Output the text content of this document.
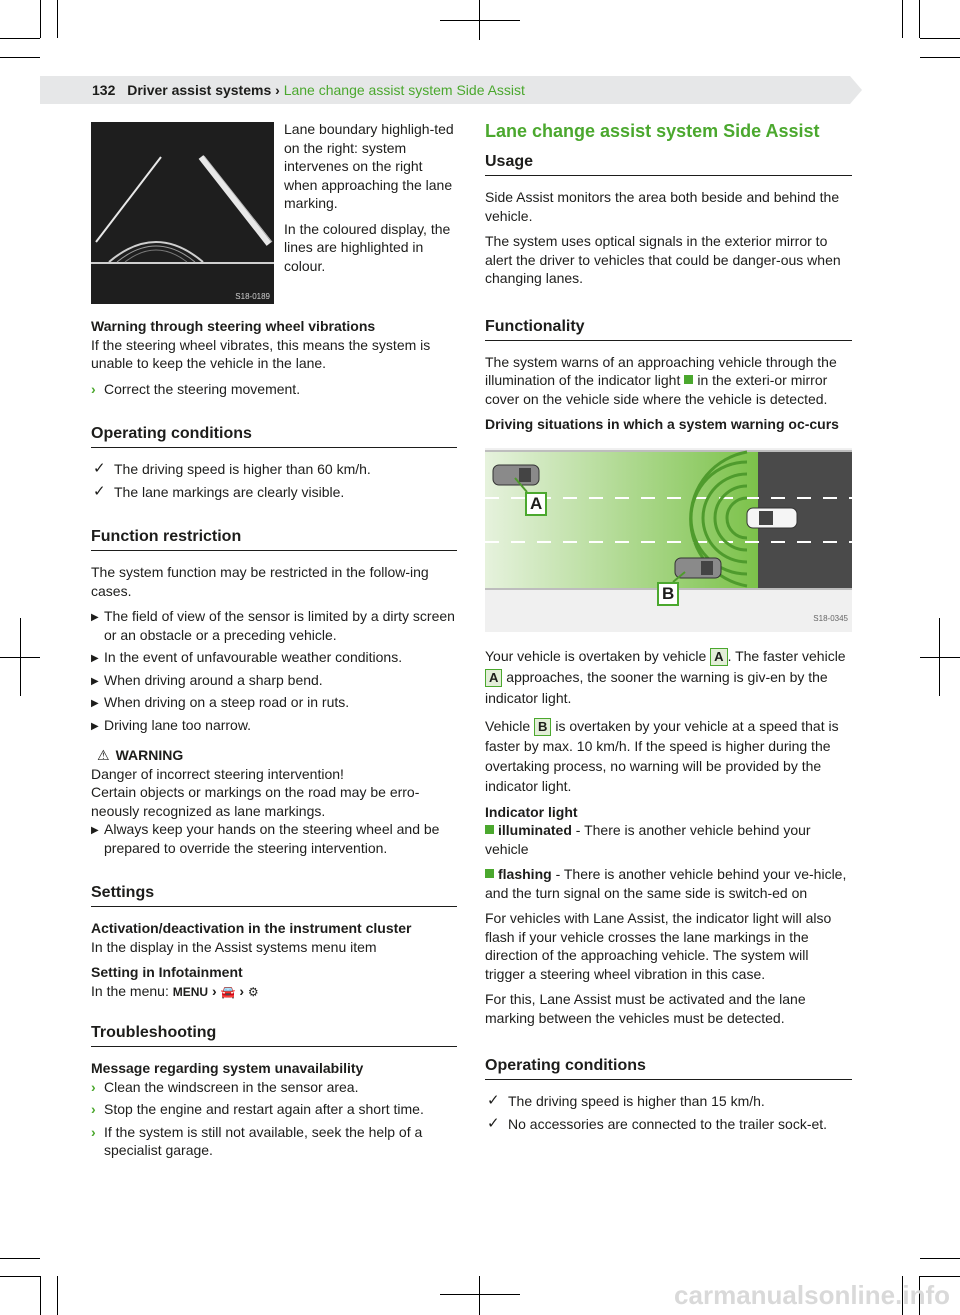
132 Driver assist systems › Lane change assist system Side Assist
S18-0189

Lane boundary highligh-ted on the right: system intervenes on the right when approaching the lane marking.

In the coloured display, the lines are highlighted in colour.

Warning through steering wheel vibrations

If the steering wheel vibrates, this means the system is unable to keep the vehicle in the lane.

› Correct the steering movement.
Operating conditions
✓ The driving speed is higher than 60 km/h.
✓ The lane markings are clearly visible.
Function restriction

The system function may be restricted in the follow-ing cases.

▶ The field of view of the sensor is limited by a dirty screen or an obstacle or a preceding vehicle.
▶ In the event of unfavourable weather conditions.
▶ When driving around a sharp bend.
▶ When driving on a steep road or in ruts.
▶ Driving lane too narrow.
⚠ WARNING
Danger of incorrect steering intervention!
Certain objects or markings on the road may be erro-neously recognized as lane markings.
▶ Always keep your hands on the steering wheel and be prepared to override the steering intervention.
Settings
Activation/deactivation in the instrument cluster

In the display in the Assist systems menu item

Setting in Infotainment
In the menu: MENU › 🚘 › ⚙
Troubleshooting
Message regarding system unavailability
› Clean the windscreen in the sensor area.
› Stop the engine and restart again after a short time.
› If the system is still not available, seek the help of a specialist garage.
Lane change assist system Side Assist
Usage

Side Assist monitors the area both beside and behind the vehicle.

The system uses optical signals in the exterior mirror to alert the driver to vehicles that could be danger-ous when changing lanes.

Functionality

The system warns of an approaching vehicle through the illumination of the indicator light in the exteri-or mirror cover on the vehicle side where the vehicle is detected.

Driving situations in which a system warning oc-curs
A
B
S18-0345

Your vehicle is overtaken by vehicle A . The faster vehicle A approaches, the sooner the warning is giv-en by the indicator light.

Vehicle B is overtaken by your vehicle at a speed that is faster by max. 10 km/h. If the speed is higher during the overtaking process, no warning will be provided by the indicator light.

Indicator light

illuminated - There is another vehicle behind your vehicle

flashing - There is another vehicle behind your ve-hicle, and the turn signal on the same side is switch-ed on

For vehicles with Lane Assist, the indicator light will also flash if your vehicle crosses the lane markings in the direction of the approaching vehicle. The system will trigger a steering wheel vibration in this case.

For this, Lane Assist must be activated and the lane marking between the vehicles must be detected.

Operating conditions
✓ The driving speed is higher than 15 km/h.
✓ No accessories are connected to the trailer sock-et.
carmanualsonline.info
